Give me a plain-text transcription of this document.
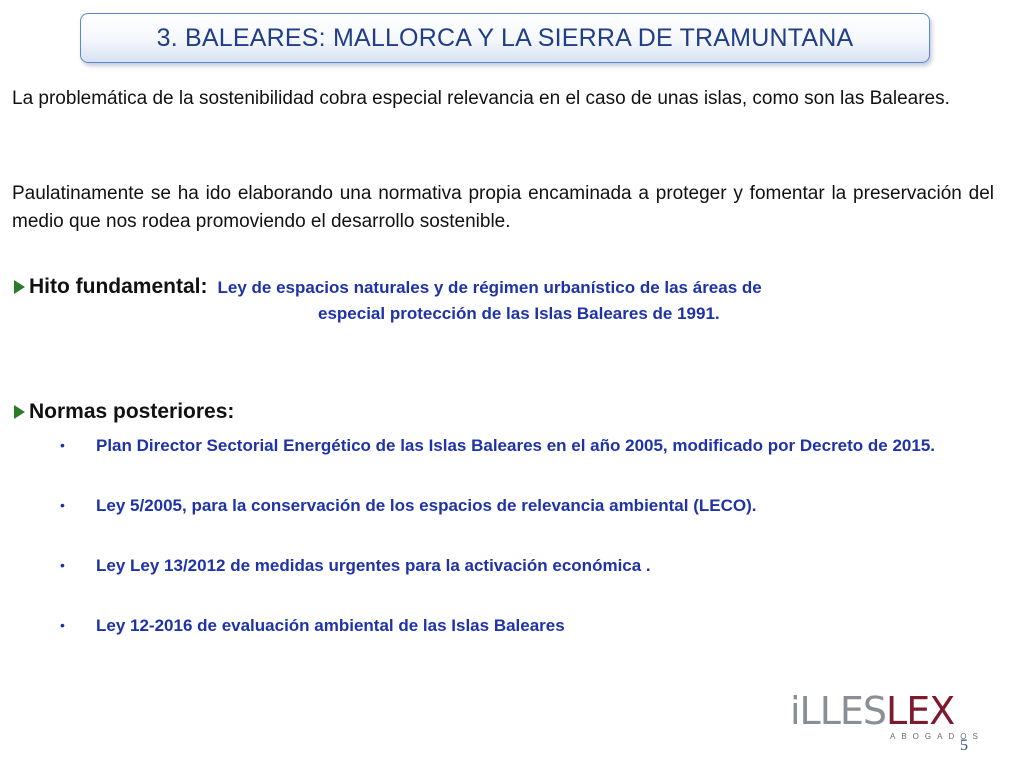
3. BALEARES: MALLORCA Y LA SIERRA DE TRAMUNTANA

La problemática de la sostenibilidad cobra especial relevancia en el caso de unas islas, como son las Baleares.

Paulatinamente se ha ido elaborando una normativa propia encaminada a proteger y fomentar la preservación del medio que nos rodea promoviendo el desarrollo sostenible.

Hito fundamental: Ley de espacios naturales y de régimen urbanístico de las áreas de
especial protección de las Islas Baleares de 1991.
Normas posteriores:
• Plan Director Sectorial Energético de las Islas Baleares en el año 2005, modificado por Decreto de 2015.
• Ley 5/2005, para la conservación de los espacios de relevancia ambiental (LECO).
• Ley Ley 13/2012 de medidas urgentes para la activación económica .
• Ley 12-2016 de evaluación ambiental de las Islas Baleares
iLLESLEX
ABOGADOS
5
